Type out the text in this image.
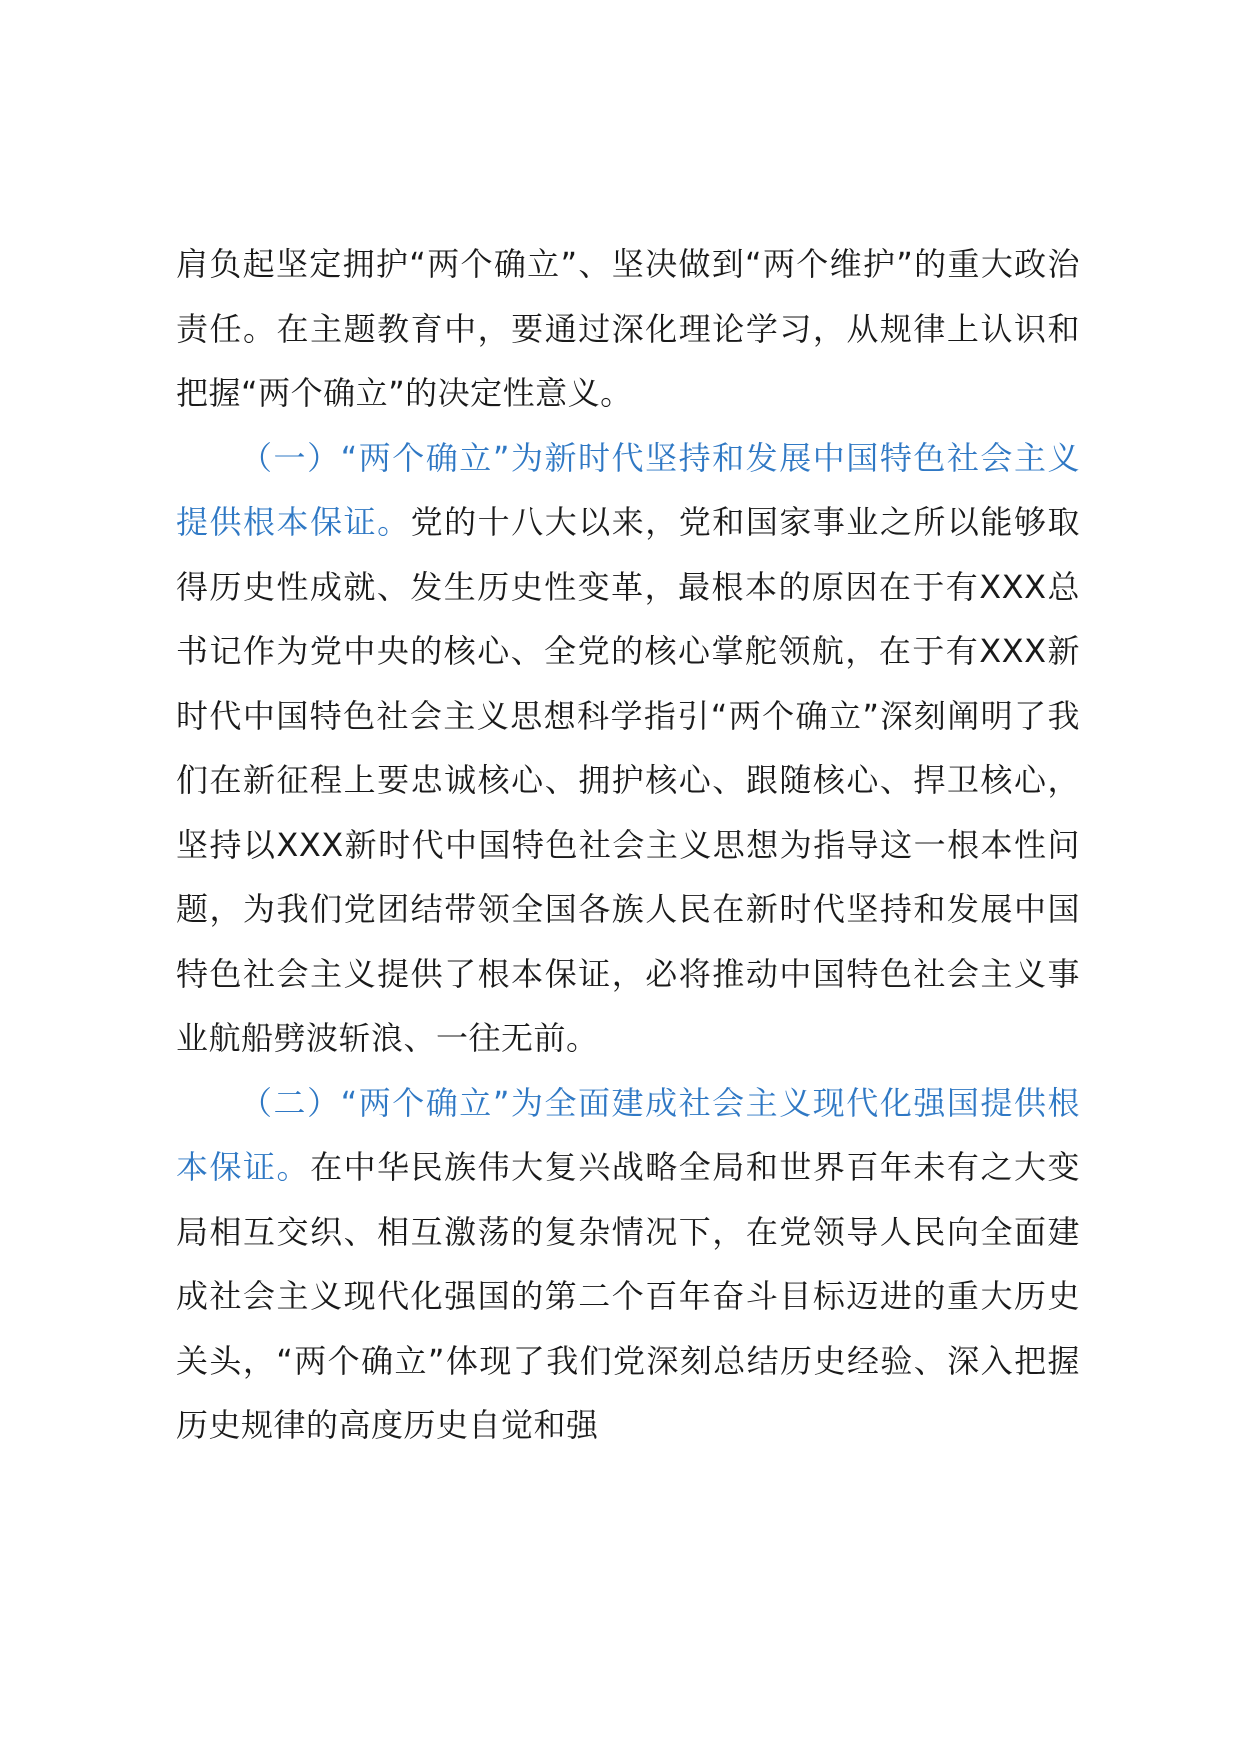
肩负起坚定拥护“两个确立”、坚决做到“两个维护”的重大政治责任。在主题教育中，要通过深化理论学习，从规律上认识和把握“两个确立”的决定性意义。

（一）“两个确立”为新时代坚持和发展中国特色社会主义提供根本保证。党的十八大以来，党和国家事业之所以能够取得历史性成就、发生历史性变革，最根本的原因在于有XXX总书记作为党中央的核心、全党的核心掌舵领航，在于有XXX新时代中国特色社会主义思想科学指引“两个确立”深刻阐明了我们在新征程上要忠诚核心、拥护核心、跟随核心、捍卫核心，坚持以XXX新时代中国特色社会主义思想为指导这一根本性问题，为我们党团结带领全国各族人民在新时代坚持和发展中国特色社会主义提供了根本保证，必将推动中国特色社会主义事业航船劈波斩浪、一往无前。

（二）“两个确立”为全面建成社会主义现代化强国提供根本保证。在中华民族伟大复兴战略全局和世界百年未有之大变局相互交织、相互激荡的复杂情况下，在党领导人民向全面建成社会主义现代化强国的第二个百年奋斗目标迈进的重大历史关头，“两个确立”体现了我们党深刻总结历史经验、深入把握历史规律的高度历史自觉和强
